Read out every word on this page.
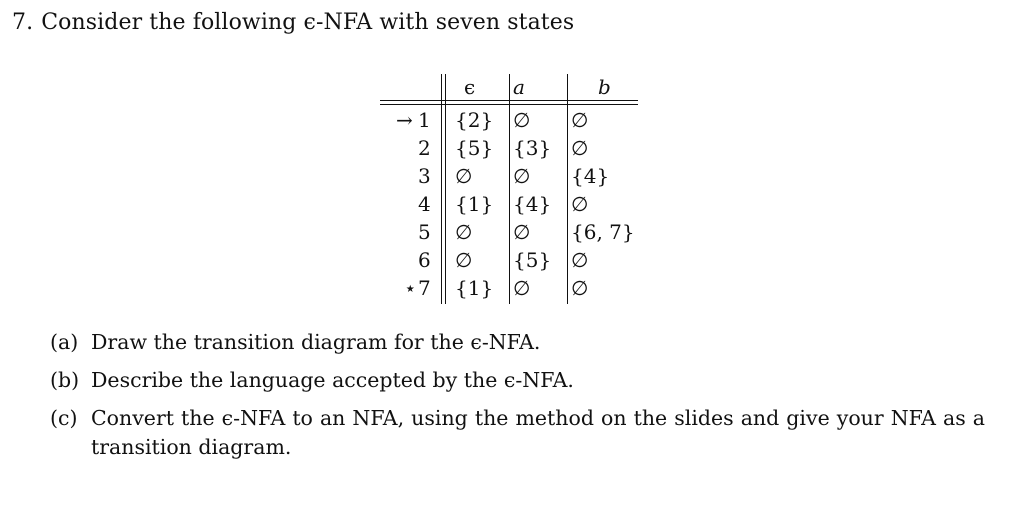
7. Consider the following ϵ-NFA with seven states
ϵ a	b
→ 1 {2} ∅ ∅
2 {5} {3} ∅
3 ∅ ∅ {4}
4 {1} {4} ∅
5 ∅ ∅ {6, 7}
6 ∅ {5} ∅
⋆ 7 {1} ∅ ∅
(a) Draw the transition diagram for the ϵ-NFA.
(b) Describe the language accepted by the ϵ-NFA.
(c) Convert the ϵ-NFA to an NFA, using the method on the slides and give your NFA as a transition diagram.
